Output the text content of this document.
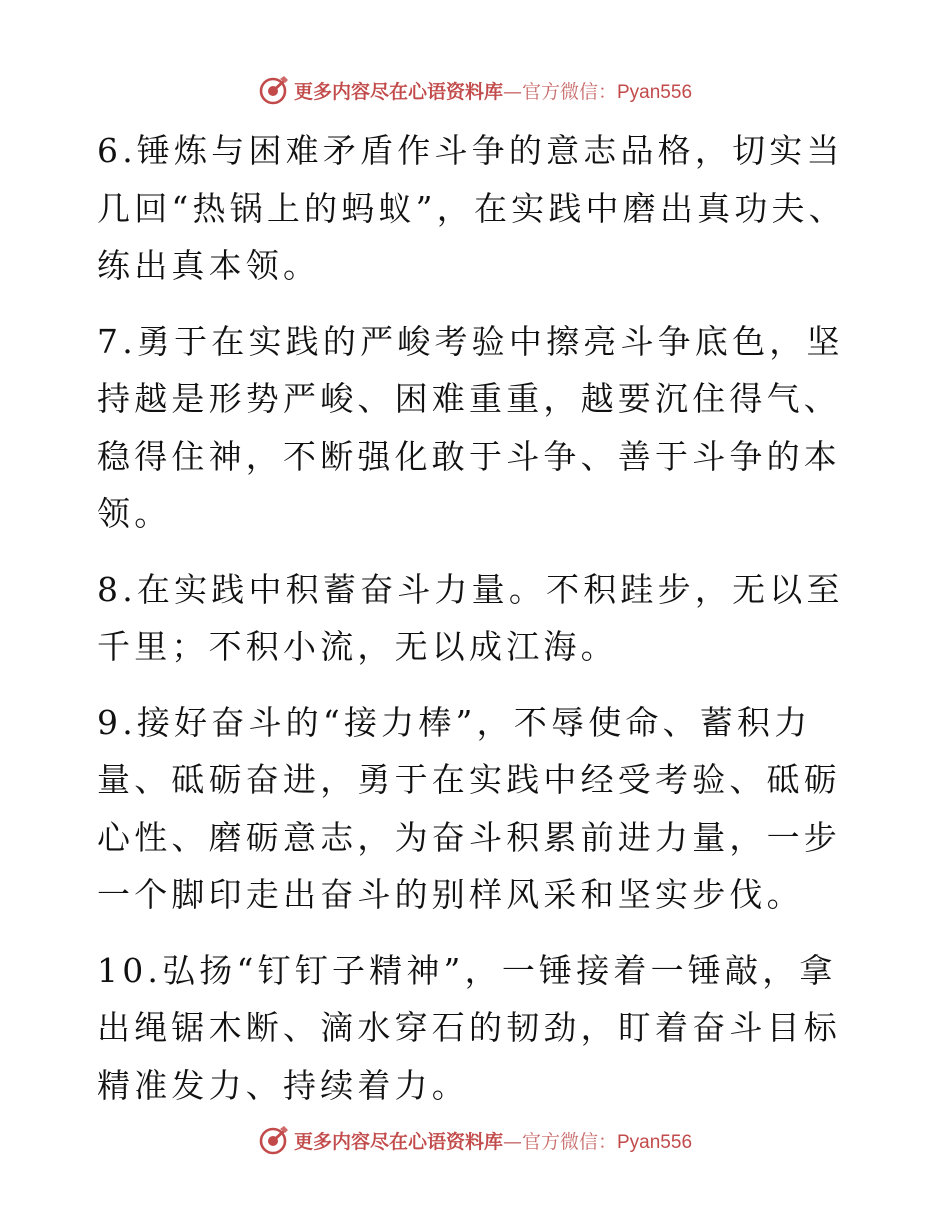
更多内容尽在心语资料库—官方微信：Pyan556

6.锤炼与困难矛盾作斗争的意志品格，切实当几回“热锅上的蚂蚁”，在实践中磨出真功夫、练出真本领。

7.勇于在实践的严峻考验中擦亮斗争底色，坚持越是形势严峻、困难重重，越要沉住得气、稳得住神，不断强化敢于斗争、善于斗争的本领。

8.在实践中积蓄奋斗力量。不积跬步，无以至千里；不积小流，无以成江海。

9.接好奋斗的“接力棒”，不辱使命、蓄积力量、砥砺奋进，勇于在实践中经受考验、砥砺心性、磨砺意志，为奋斗积累前进力量，一步一个脚印走出奋斗的别样风采和坚实步伐。

10.弘扬“钉钉子精神”，一锤接着一锤敲，拿出绳锯木断、滴水穿石的韧劲，盯着奋斗目标精准发力、持续着力。

更多内容尽在心语资料库—官方微信：Pyan556
